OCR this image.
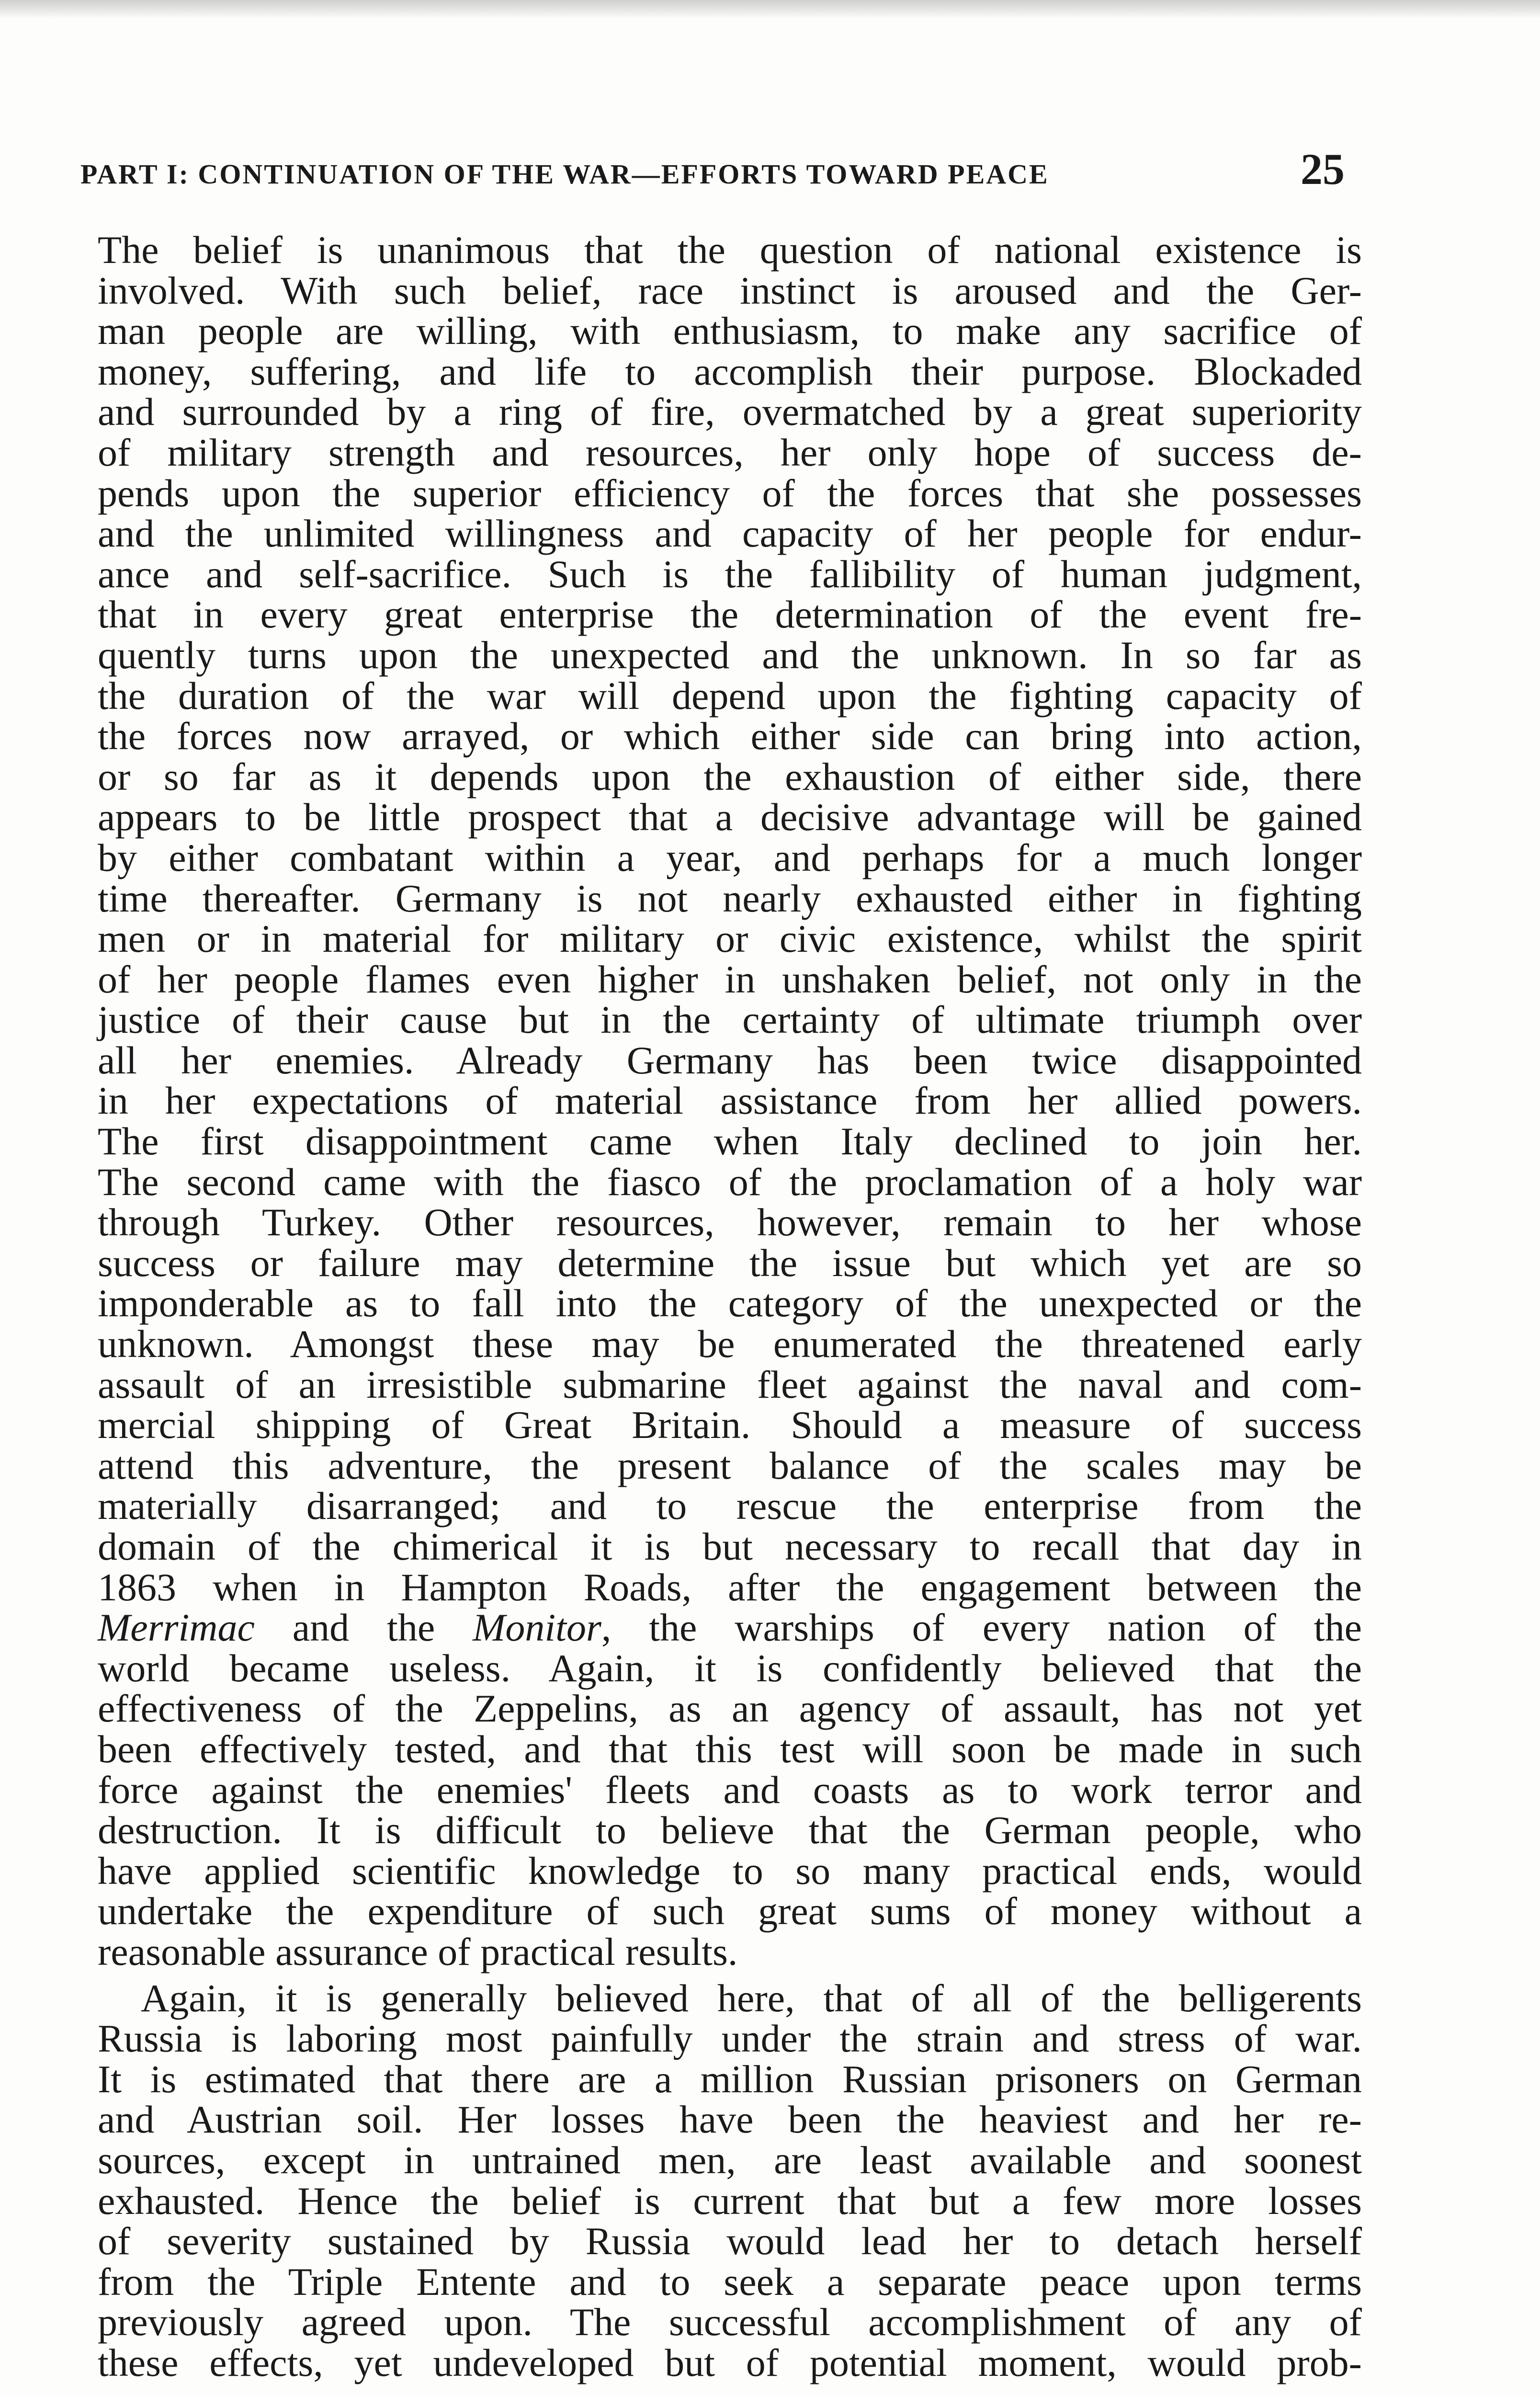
PART I: CONTINUATION OF THE WAR—EFFORTS TOWARD PEACE	25
The belief is unanimous that the question of national existence is
involved. With such belief, race instinct is aroused and the Ger-
man people are willing, with enthusiasm, to make any sacrifice of
money, suffering, and life to accomplish their purpose. Blockaded
and surrounded by a ring of fire, overmatched by a great superiority
of military strength and resources, her only hope of success de-
pends upon the superior efficiency of the forces that she possesses
and the unlimited willingness and capacity of her people for endur-
ance and self-sacrifice. Such is the fallibility of human judgment,
that in every great enterprise the determination of the event fre-
quently turns upon the unexpected and the unknown. In so far as
the duration of the war will depend upon the fighting capacity of
the forces now arrayed, or which either side can bring into action,
or so far as it depends upon the exhaustion of either side, there
appears to be little prospect that a decisive advantage will be gained
by either combatant within a year, and perhaps for a much longer
time thereafter. Germany is not nearly exhausted either in fighting
men or in material for military or civic existence, whilst the spirit
of her people flames even higher in unshaken belief, not only in the
justice of their cause but in the certainty of ultimate triumph over
all her enemies. Already Germany has been twice disappointed
in her expectations of material assistance from her allied powers.
The first disappointment came when Italy declined to join her.
The second came with the fiasco of the proclamation of a holy war
through Turkey. Other resources, however, remain to her whose
success or failure may determine the issue but which yet are so
imponderable as to fall into the category of the unexpected or the
unknown. Amongst these may be enumerated the threatened early
assault of an irresistible submarine fleet against the naval and com-
mercial shipping of Great Britain. Should a measure of success
attend this adventure, the present balance of the scales may be
materially disarranged; and to rescue the enterprise from the
domain of the chimerical it is but necessary to recall that day in
1863 when in Hampton Roads, after the engagement between the
Merrimac and the Monitor, the warships of every nation of the
world became useless. Again, it is confidently believed that the
effectiveness of the Zeppelins, as an agency of assault, has not yet
been effectively tested, and that this test will soon be made in such
force against the enemies' fleets and coasts as to work terror and
destruction. It is difficult to believe that the German people, who
have applied scientific knowledge to so many practical ends, would
undertake the expenditure of such great sums of money without a
reasonable assurance of practical results.
Again, it is generally believed here, that of all of the belligerents
Russia is laboring most painfully under the strain and stress of war.
It is estimated that there are a million Russian prisoners on German
and Austrian soil. Her losses have been the heaviest and her re-
sources, except in untrained men, are least available and soonest
exhausted. Hence the belief is current that but a few more losses
of severity sustained by Russia would lead her to detach herself
from the Triple Entente and to seek a separate peace upon terms
previously agreed upon. The successful accomplishment of any of
these effects, yet undeveloped but of potential moment, would prob-
